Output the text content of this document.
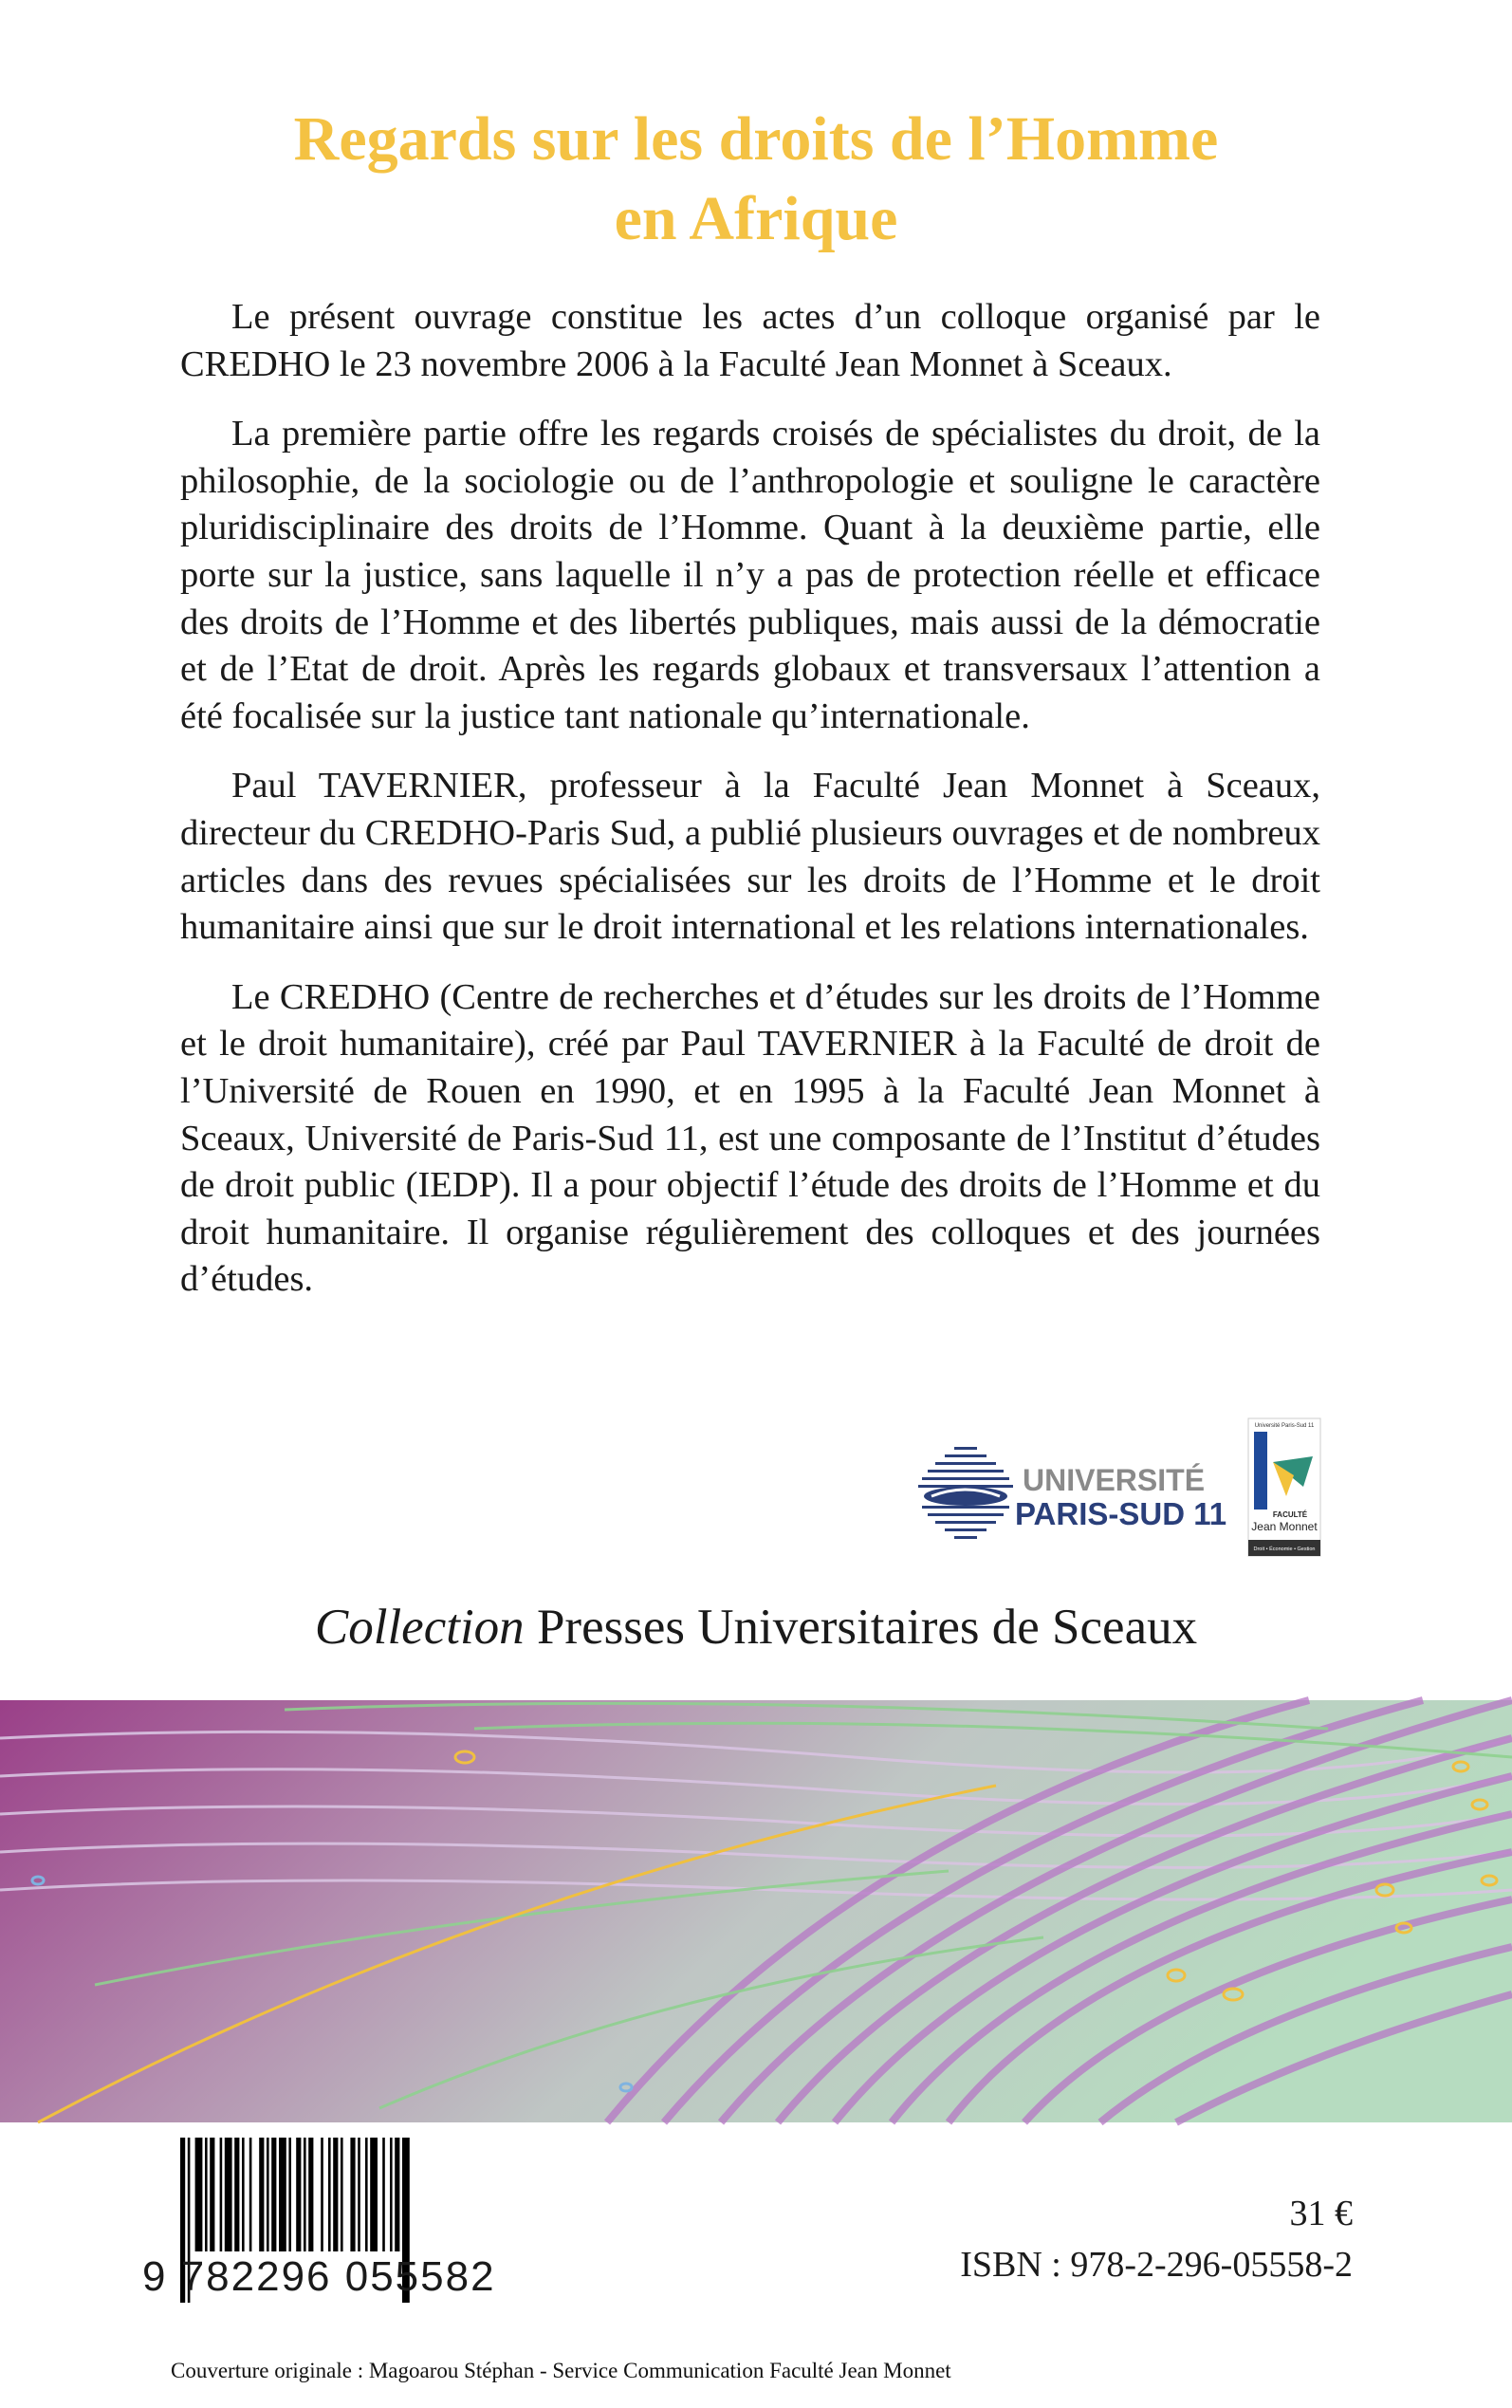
Regards sur les droits de l’Homme
en Afrique

Le présent ouvrage constitue les actes d’un colloque organisé par le CREDHO le 23 novembre 2006 à la Faculté Jean Monnet à Sceaux.

La première partie offre les regards croisés de spécialistes du droit, de la philosophie, de la sociologie ou de l’anthropologie et souligne le caractère pluridisciplinaire des droits de l’Homme. Quant à la deuxième partie, elle porte sur la justice, sans laquelle il n’y a pas de protection réelle et efficace des droits de l’Homme et des libertés publiques, mais aussi de la démocratie et de l’Etat de droit. Après les regards globaux et transversaux l’attention a été focalisée sur la justice tant nationale qu’internationale.

Paul TAVERNIER, professeur à la Faculté Jean Monnet à Sceaux, directeur du CREDHO-Paris Sud, a publié plusieurs ouvrages et de nombreux articles dans des revues spécialisées sur les droits de l’Homme et le droit humanitaire ainsi que sur le droit international et les relations internationales.

Le CREDHO (Centre de recherches et d’études sur les droits de l’Homme et le droit humanitaire), créé par Paul TAVERNIER à la Faculté de droit de l’Université de Rouen en 1990, et en 1995 à la Faculté Jean Monnet à Sceaux, Université de Paris-Sud 11, est une composante de l’Institut d’études de droit public (IEDP). Il a pour objectif l’étude des droits de l’Homme et du droit humanitaire. Il organise régulièrement des colloques et des journées d’études.

UNIVERSITÉ
PARIS-SUD 11
Université Paris-Sud 11
FACULTÉ
Jean Monnet
Droit • Économie • Gestion
Collection Presses Universitaires de Sceaux
9 782296 055582
31 €
ISBN : 978-2-296-05558-2
Couverture originale : Magoarou Stéphan - Service Communication Faculté Jean Monnet
